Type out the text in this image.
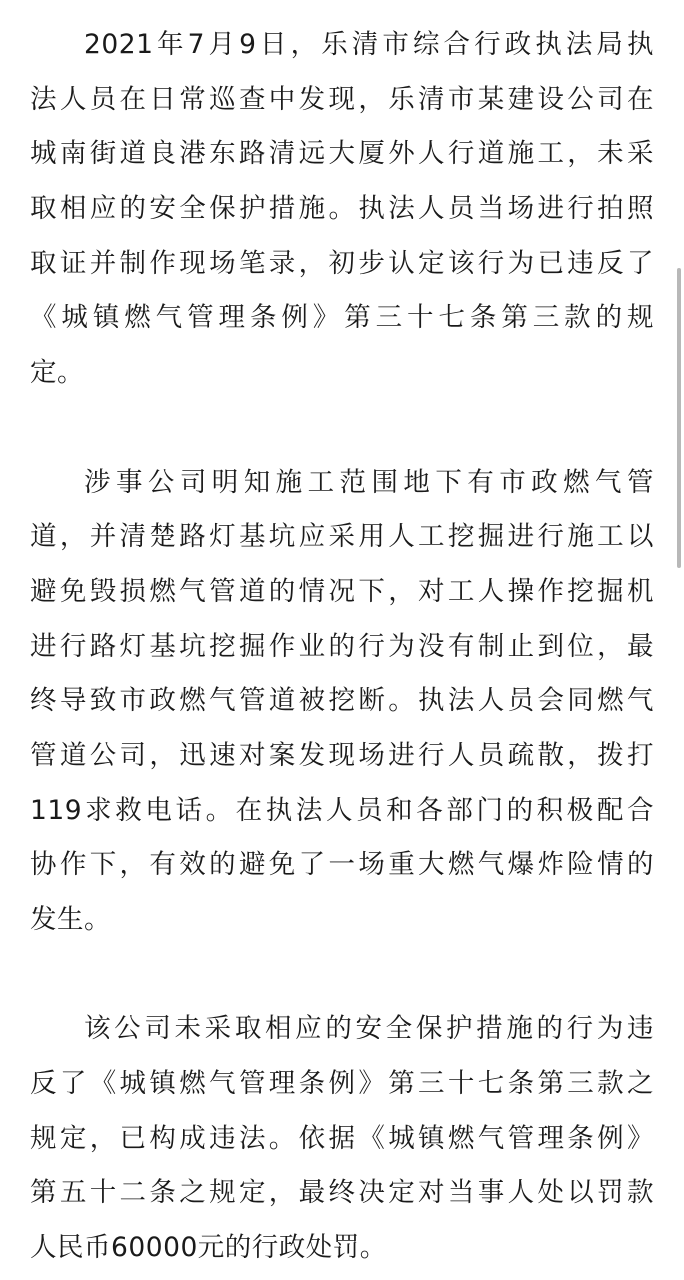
2021年7月9日，乐清市综合行政执法局执
法人员在日常巡查中发现，乐清市某建设公司在
城南街道良港东路清远大厦外人行道施工，未采
取相应的安全保护措施。执法人员当场进行拍照
取证并制作现场笔录，初步认定该行为已违反了
《城镇燃气管理条例》第三十七条第三款的规
定。
涉事公司明知施工范围地下有市政燃气管
道，并清楚路灯基坑应采用人工挖掘进行施工以
避免毁损燃气管道的情况下，对工人操作挖掘机
进行路灯基坑挖掘作业的行为没有制止到位，最
终导致市政燃气管道被挖断。执法人员会同燃气
管道公司，迅速对案发现场进行人员疏散，拨打
119求救电话。在执法人员和各部门的积极配合
协作下，有效的避免了一场重大燃气爆炸险情的
发生。
该公司未采取相应的安全保护措施的行为违
反了《城镇燃气管理条例》第三十七条第三款之
规定，已构成违法。依据《城镇燃气管理条例》
第五十二条之规定，最终决定对当事人处以罚款
人民币60000元的行政处罚。
